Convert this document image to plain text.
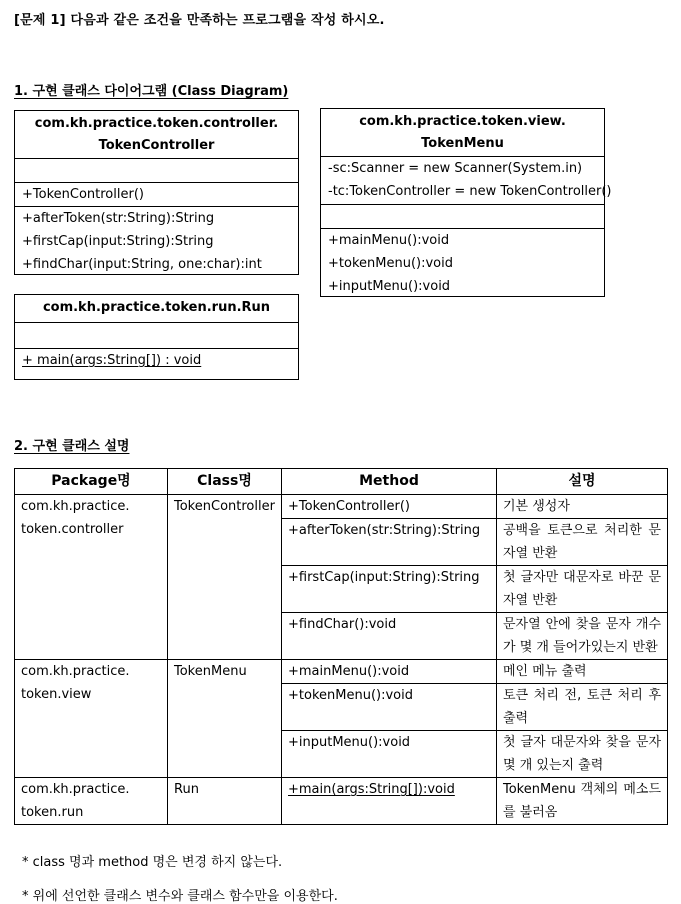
[문제 1] 다음과 같은 조건을 만족하는 프로그램을 작성 하시오.
1. 구현 클래스 다이어그램 (Class Diagram)
com.kh.practice.token.controller.
TokenController
+TokenController()
+afterToken(str:String):String
+firstCap(input:String):String
+findChar(input:String, one:char):int
com.kh.practice.token.view.
TokenMenu
-sc:Scanner = new Scanner(System.in)
-tc:TokenController = new TokenController()
+mainMenu():void
+tokenMenu():void
+inputMenu():void
com.kh.practice.token.run.Run
+ main(args:String[]) : void
2. 구현 클래스 설명
Package명	Class명	Method	설명

com.kh.practice.
token.controller	TokenController	+TokenController()	기본 생성자
		+afterToken(str:String):String	공백을 토큰으로 처리한 문자열 반환
		+firstCap(input:String):String	첫 글자만 대문자로 바꾼 문자열 반환
		+findChar():void	문자열 안에 찾을 문자 개수가 몇 개 들어가있는지 반환

com.kh.practice.
token.view	TokenMenu	+mainMenu():void	메인 메뉴 출력
		+tokenMenu():void	토큰 처리 전, 토큰 처리 후 출력
		+inputMenu():void	첫 글자 대문자와 찾을 문자 몇 개 있는지 출력

com.kh.practice.
token.run	Run	+main(args:String[]):void	TokenMenu 객체의 메소드를 불러옴
* class 명과 method 명은 변경 하지 않는다.
* 위에 선언한 클래스 변수와 클래스 함수만을 이용한다.
